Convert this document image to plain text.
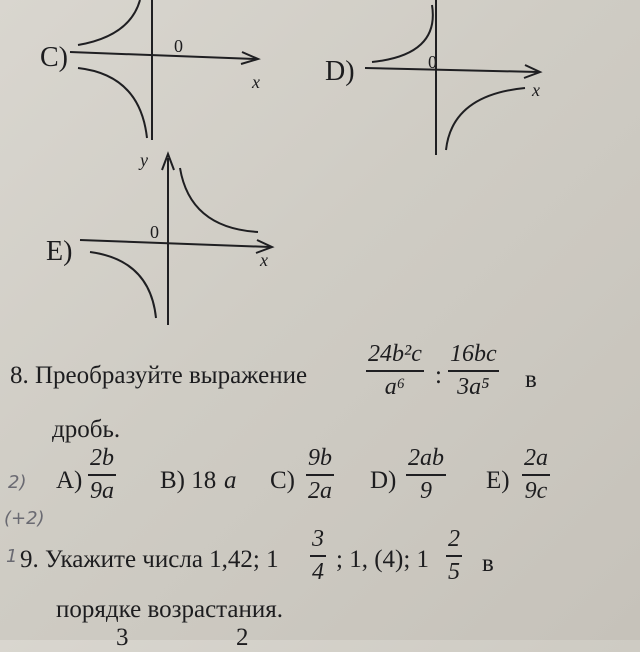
C)	0
x D)	0
x
E)
0
x
y
8. Преобразуйте выражение
24b²c
a⁶ :
16bc
3a⁵ в
дробь.
A)
2b
9a B) 18 a C)
9b
2a D)
2ab
9 E)
2a
9c
2)
(+2)
1 9. Укажите числа 1,42; 1
3
4 ; 1, (4); 1
2
5 в
порядке возрастания.
3	2
